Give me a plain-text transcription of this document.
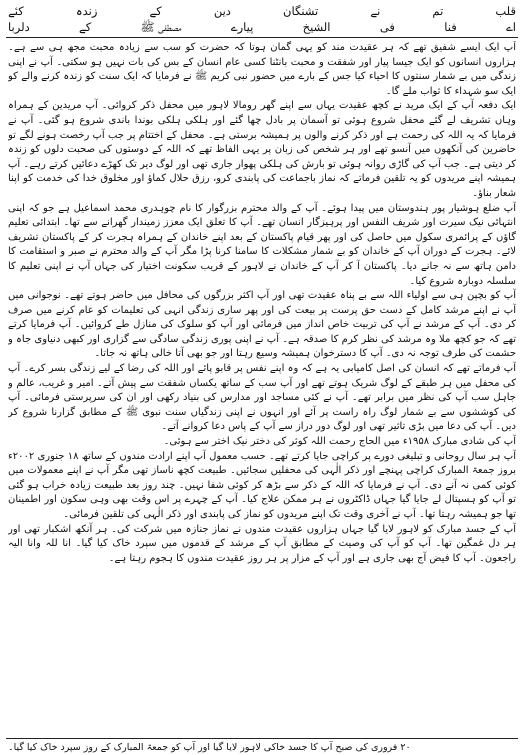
قلب
تم
نے
تشنگان
دین
کے
زندہ
کئے
اے
فنا
فی
الشیخ
پیارے
مصطفی ﷺ
کے
دلربا

آپ ایک ایسے شفیق تھے کہ ہر عقیدت مند کو یہی گمان ہوتا کہ حضرت کو سب سے زیادہ محبت مجھ ہی سے ہے۔ ہزاروں انسانوں کو ایک جیسا پیار اور شفقت و محبت بانٹنا کسی عام انسان کے بس کی بات نہیں ہو سکتی۔ آپ نے اپنی زندگی میں بے شمار سنتوں کا احیاء کیا جس کے بارے میں حضور نبی کریم ﷺ نے فرمایا کہ ایک سنت کو زندہ کرنے والے کو ایک سو شہداء کا ثواب ملے گا۔

ایک دفعہ آپ کے ایک مرید نے کچھ عقیدت یہاں سے اپنے گھر رومالا لاہور میں محفل ذکر کروائی۔ آپ مریدین کے ہمراہ وہاں تشریف لے گئے محفل شروع ہوئی تو آسمان پر بادل چھا گئے اور ہلکی ہلکی بوندا باندی شروع ہو گئی۔ آپ نے فرمایا کہ یہ اللہ کی رحمت ہے اور ذکر کرنے والوں پر ہمیشہ برستی ہے۔ محفل کے اختتام پر جب آپ رخصت ہونے لگے تو حاضرین کی آنکھوں میں آنسو تھے اور ہر شخص کی زبان پر یہی الفاظ تھے کہ اللہ کے دوستوں کی صحبت دلوں کو زندہ کر دیتی ہے۔ جب آپ کی گاڑی روانہ ہوئی تو بارش کی ہلکی پھوار جاری تھی اور لوگ دیر تک کھڑے دعائیں کرتے رہے۔ آپ ہمیشہ اپنے مریدوں کو یہ تلقین فرماتے کہ نماز باجماعت کی پابندی کرو، رزق حلال کماؤ اور مخلوق خدا کی خدمت کو اپنا شعار بناؤ۔

آپ ضلع ہوشیار پور ہندوستان میں پیدا ہوئے۔ آپ کے والد محترم بزرگوار کا نام چوہدری محمد اسماعیل ہے جو کہ اپنی انتہائی نیک سیرت اور شریف النفس اور پرہیزگار انسان تھے۔ آپ کا تعلق ایک معزز زمیندار گھرانے سے تھا۔ ابتدائی تعلیم گاؤں کے پرائمری سکول میں حاصل کی اور پھر قیام پاکستان کے بعد اپنے خاندان کے ہمراہ ہجرت کر کے پاکستان تشریف لائے۔ ہجرت کے دوران آپ کے خاندان کو بے شمار مشکلات کا سامنا کرنا پڑا مگر آپ کے والد محترم نے صبر و استقامت کا دامن ہاتھ سے نہ جانے دیا۔ پاکستان آ کر آپ کے خاندان نے لاہور کے قریب سکونت اختیار کی جہاں آپ نے اپنی تعلیم کا سلسلہ دوبارہ شروع کیا۔

آپ کو بچپن ہی سے اولیاء اللہ سے بے پناہ عقیدت تھی اور آپ اکثر بزرگوں کی محافل میں حاضر ہوتے تھے۔ نوجوانی میں آپ نے اپنے مرشد کامل کے دست حق پرست پر بیعت کی اور پھر ساری زندگی انہی کی تعلیمات کو عام کرنے میں صرف کر دی۔ آپ کے مرشد نے آپ کی تربیت خاص انداز میں فرمائی اور آپ کو سلوک کی منازل طے کروائیں۔ آپ فرمایا کرتے تھے کہ جو کچھ ملا وہ مرشد کی نظر کرم کا صدقہ ہے۔ آپ نے اپنی پوری زندگی سادگی سے گزاری اور کبھی دنیاوی جاہ و حشمت کی طرف توجہ نہ دی۔ آپ کا دسترخوان ہمیشہ وسیع رہتا اور جو بھی آتا خالی ہاتھ نہ جاتا۔

آپ فرماتے تھے کہ انسان کی اصل کامیابی یہ ہے کہ وہ اپنے نفس پر قابو پائے اور اللہ کی رضا کے لیے زندگی بسر کرے۔ آپ کی محفل میں ہر طبقے کے لوگ شریک ہوتے تھے اور آپ سب کے ساتھ یکساں شفقت سے پیش آتے۔ امیر و غریب، عالم و جاہل سب آپ کی نظر میں برابر تھے۔ آپ نے کئی مساجد اور مدارس کی بنیاد رکھی اور ان کی سرپرستی فرمائی۔ آپ کی کوششوں سے بے شمار لوگ راہ راست پر آئے اور انہوں نے اپنی زندگیاں سنت نبوی ﷺ کے مطابق گزارنا شروع کر دیں۔ آپ کی دعا میں بڑی تاثیر تھی اور لوگ دور دراز سے آپ کے پاس دعا کروانے آتے۔

آپ کی شادی مبارک ۱۹۵۸ء میں الحاج رحمت اللہ کوثر کی دختر نیک اختر سے ہوئی۔

آپ ہر سال روحانی و تبلیغی دورے پر کراچی جایا کرتے تھے۔ حسب معمول آپ اپنے ارادت مندوں کے ساتھ ۱۸ جنوری ۲۰۰۲ء بروز جمعۃ المبارک کراچی پہنچے اور ذکر الٰہی کی محفلیں سجائیں۔ طبیعت کچھ ناساز تھی مگر آپ نے اپنے معمولات میں کوئی کمی نہ آنے دی۔ آپ نے فرمایا کہ اللہ کے ذکر سے بڑھ کر کوئی شفا نہیں۔ چند روز بعد طبیعت زیادہ خراب ہو گئی تو آپ کو ہسپتال لے جایا گیا جہاں ڈاکٹروں نے ہر ممکن علاج کیا۔ آپ کے چہرے پر اس وقت بھی وہی سکون اور اطمینان تھا جو ہمیشہ رہتا تھا۔ آپ نے آخری وقت تک اپنے مریدوں کو نماز کی پابندی اور ذکر الٰہی کی تلقین فرمائی۔

آپ کے جسد مبارک کو لاہور لایا گیا جہاں ہزاروں عقیدت مندوں نے نماز جنازہ میں شرکت کی۔ ہر آنکھ اشکبار تھی اور ہر دل غمگین تھا۔ آپ کو آپ کی وصیت کے مطابق آپ کے مرشد کے قدموں میں سپرد خاک کیا گیا۔ انا للہ وانا الیہ راجعون۔ آپ کا فیض آج بھی جاری ہے اور آپ کے مزار پر ہر روز عقیدت مندوں کا ہجوم رہتا ہے۔

۲۰ فروری کی صبح آپ کا جسد خاکی لاہور لایا گیا اور آپ کو جمعۃ المبارک کے روز سپرد خاک کیا گیا۔
